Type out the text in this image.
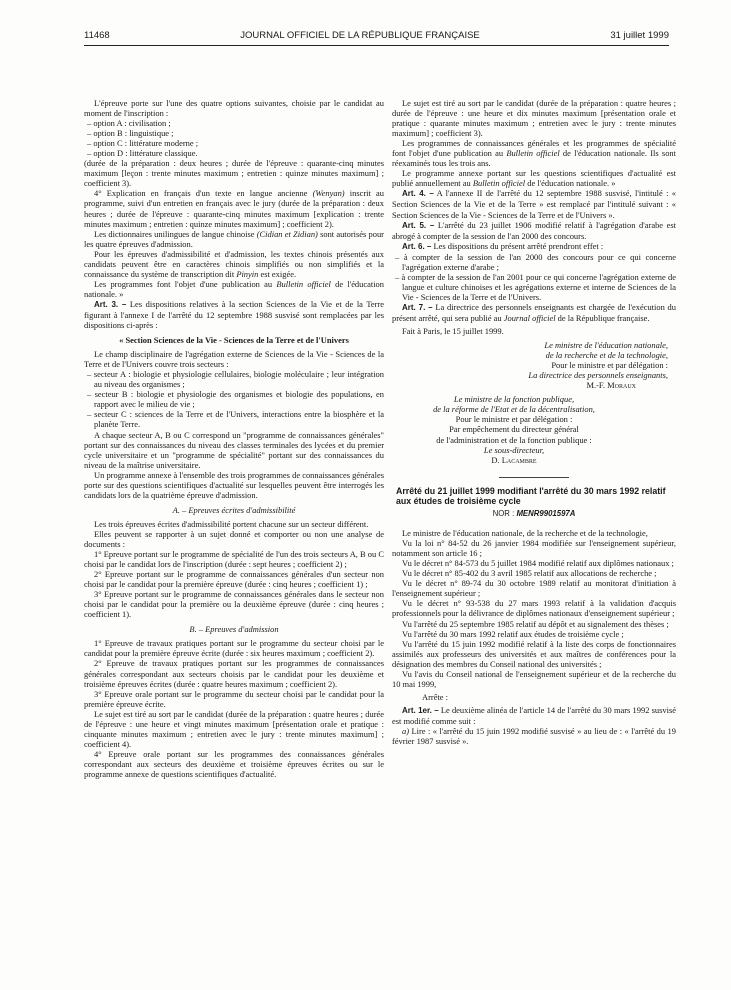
11468	JOURNAL OFFICIEL DE LA RÉPUBLIQUE FRANÇAISE	31 juillet 1999

L'épreuve porte sur l'une des quatre options suivantes, choisie par le candidat au moment de l'inscription :

– option A : civilisation ;

– option B : linguistique ;

– option C : littérature moderne ;

– option D : littérature classique.

(durée de la préparation : deux heures ; durée de l'épreuve : quarante-cinq minutes maximum [leçon : trente minutes maximum ; entretien : quinze minutes maximum] ; coefficient 3).

4° Explication en français d'un texte en langue ancienne (Wenyan) inscrit au programme, suivi d'un entretien en français avec le jury (durée de la préparation : deux heures ; durée de l'épreuve : quarante-cinq minutes maximum [explication : trente minutes maximum ; entretien : quinze minutes maximum] ; coefficient 2).

Les dictionnaires unilingues de langue chinoise (Cidian et Zidian) sont autorisés pour les quatre épreuves d'admission.

Pour les épreuves d'admissibilité et d'admission, les textes chinois présentés aux candidats peuvent être en caractères chinois simplifiés ou non simplifiés et la connaissance du système de transcription dit Pinyin est exigée.

Les programmes font l'objet d'une publication au Bulletin officiel de l'éducation nationale. »

Art. 3. – Les dispositions relatives à la section Sciences de la Vie et de la Terre figurant à l'annexe I de l'arrêté du 12 septembre 1988 susvisé sont remplacées par les dispositions ci-après :

« Section Sciences de la Vie - Sciences de la Terre et de l'Univers

Le champ disciplinaire de l'agrégation externe de Sciences de la Vie - Sciences de la Terre et de l'Univers couvre trois secteurs :

– secteur A : biologie et physiologie cellulaires, biologie moléculaire ; leur intégration au niveau des organismes ;

– secteur B : biologie et physiologie des organismes et biologie des populations, en rapport avec le milieu de vie ;

– secteur C : sciences de la Terre et de l'Univers, interactions entre la biosphère et la planète Terre.

A chaque secteur A, B ou C correspond un "programme de connaissances générales" portant sur des connaissances du niveau des classes terminales des lycées et du premier cycle universitaire et un "programme de spécialité" portant sur des connaissances du niveau de la maîtrise universitaire.

Un programme annexe à l'ensemble des trois programmes de connaissances générales porte sur des questions scientifiques d'actualité sur lesquelles peuvent être interrogés les candidats lors de la quatrième épreuve d'admission.

A. – Epreuves écrites d'admissibilité

Les trois épreuves écrites d'admissibilité portent chacune sur un secteur différent.

Elles peuvent se rapporter à un sujet donné et comporter ou non une analyse de documents :

1° Epreuve portant sur le programme de spécialité de l'un des trois secteurs A, B ou C choisi par le candidat lors de l'inscription (durée : sept heures ; coefficient 2) ;

2° Epreuve portant sur le programme de connaissances générales d'un secteur non choisi par le candidat pour la première épreuve (durée : cinq heures ; coefficient 1) ;

3° Epreuve portant sur le programme de connaissances générales dans le secteur non choisi par le candidat pour la première ou la deuxième épreuve (durée : cinq heures ; coefficient 1).

B. – Epreuves d'admission

1° Epreuve de travaux pratiques portant sur le programme du secteur choisi par le candidat pour la première épreuve écrite (durée : six heures maximum ; coefficient 2).

2° Epreuve de travaux pratiques portant sur les programmes de connaissances générales correspondant aux secteurs choisis par le candidat pour les deuxième et troisième épreuves écrites (durée : quatre heures maximum ; coefficient 2).

3° Epreuve orale portant sur le programme du secteur choisi par le candidat pour la première épreuve écrite.

Le sujet est tiré au sort par le candidat (durée de la préparation : quatre heures ; durée de l'épreuve : une heure et vingt minutes maximum [présentation orale et pratique : cinquante minutes maximum ; entretien avec le jury : trente minutes maximum] ; coefficient 4).

4° Epreuve orale portant sur les programmes des connaissances générales correspondant aux secteurs des deuxième et troisième épreuves écrites ou sur le programme annexe de questions scientifiques d'actualité.

Le sujet est tiré au sort par le candidat (durée de la préparation : quatre heures ; durée de l'épreuve : une heure et dix minutes maximum [présentation orale et pratique : quarante minutes maximum ; entretien avec le jury : trente minutes maximum] ; coefficient 3).

Les programmes de connaissances générales et les programmes de spécialité font l'objet d'une publication au Bulletin officiel de l'éducation nationale. Ils sont réexaminés tous les trois ans.

Le programme annexe portant sur les questions scientifiques d'actualité est publié annuellement au Bulletin officiel de l'éducation nationale. »

Art. 4. – A l'annexe II de l'arrêté du 12 septembre 1988 susvisé, l'intitulé : « Section Sciences de la Vie et de la Terre » est remplacé par l'intitulé suivant : « Section Sciences de la Vie - Sciences de la Terre et de l'Univers ».

Art. 5. – L'arrêté du 23 juillet 1906 modifié relatif à l'agrégation d'arabe est abrogé à compter de la session de l'an 2000 des concours.

Art. 6. – Les dispositions du présent arrêté prendront effet :

– à compter de la session de l'an 2000 des concours pour ce qui concerne l'agrégation externe d'arabe ;

– à compter de la session de l'an 2001 pour ce qui concerne l'agrégation externe de langue et culture chinoises et les agrégations externe et interne de Sciences de la Vie - Sciences de la Terre et de l'Univers.

Art. 7. – La directrice des personnels enseignants est chargée de l'exécution du présent arrêté, qui sera publié au Journal officiel de la République française.

Fait à Paris, le 15 juillet 1999.

Le ministre de l'éducation nationale,

de la recherche et de la technologie,

Pour le ministre et par délégation :

La directrice des personnels enseignants,

M.-F. Moraux

Le ministre de la fonction publique,

de la réforme de l'Etat et de la décentralisation,

Pour le ministre et par délégation :

Par empêchement du directeur général

de l'administration et de la fonction publique :

Le sous-directeur,

D. Lacambre

Arrêté du 21 juillet 1999 modifiant l'arrêté du 30 mars 1992 relatif aux études de troisième cycle

NOR : MENR9901597A

Le ministre de l'éducation nationale, de la recherche et de la technologie,

Vu la loi n° 84-52 du 26 janvier 1984 modifiée sur l'enseignement supérieur, notamment son article 16 ;

Vu le décret n° 84-573 du 5 juillet 1984 modifié relatif aux diplômes nationaux ;

Vu le décret n° 85-402 du 3 avril 1985 relatif aux allocations de recherche ;

Vu le décret n° 89-74 du 30 octobre 1989 relatif au monitorat d'initiation à l'enseignement supérieur ;

Vu le décret n° 93-538 du 27 mars 1993 relatif à la validation d'acquis professionnels pour la délivrance de diplômes nationaux d'enseignement supérieur ;

Vu l'arrêté du 25 septembre 1985 relatif au dépôt et au signalement des thèses ;

Vu l'arrêté du 30 mars 1992 relatif aux études de troisième cycle ;

Vu l'arrêté du 15 juin 1992 modifié relatif à la liste des corps de fonctionnaires assimilés aux professeurs des universités et aux maîtres de conférences pour la désignation des membres du Conseil national des universités ;

Vu l'avis du Conseil national de l'enseignement supérieur et de la recherche du 10 mai 1999,

Arrête :

Art. 1er. – Le deuxième alinéa de l'article 14 de l'arrêté du 30 mars 1992 susvisé est modifié comme suit :

a) Lire : « l'arrêté du 15 juin 1992 modifié susvisé » au lieu de : « l'arrêté du 19 février 1987 susvisé ».
